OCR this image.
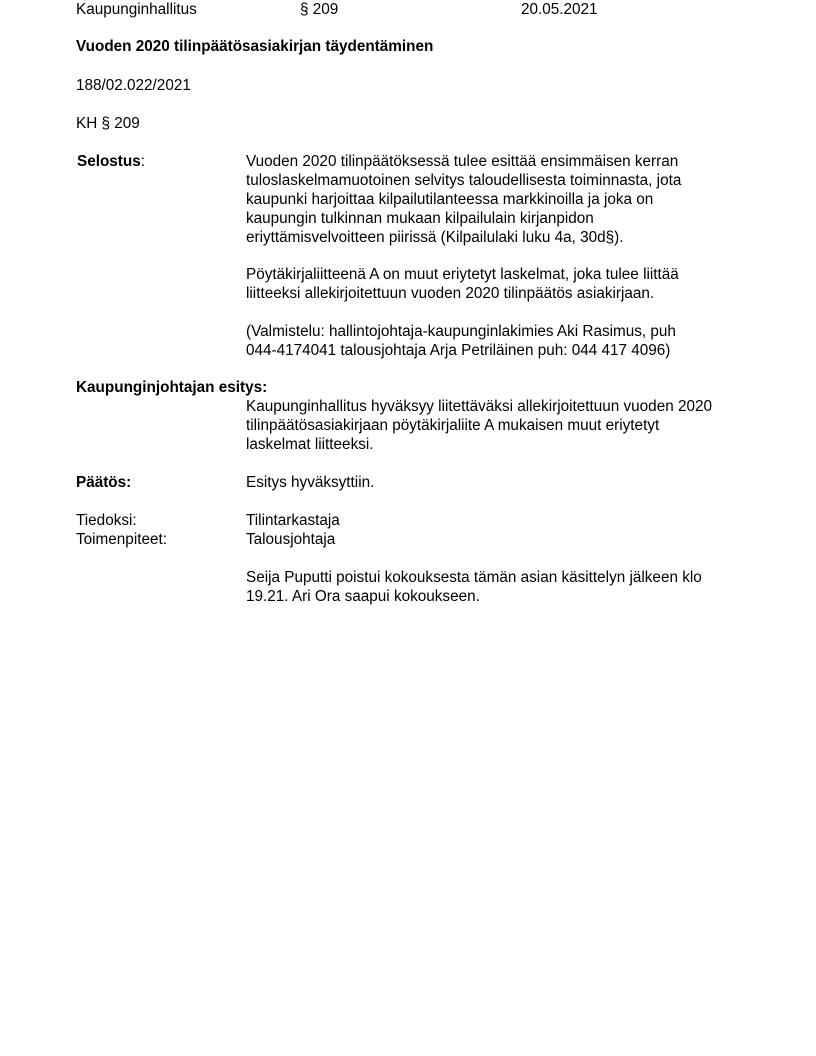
Kaupunginhallitus	§ 209	20.05.2021
Vuoden 2020 tilinpäätösasiakirjan täydentäminen
188/02.022/2021
KH § 209
Selostus:	Vuoden 2020 tilinpäätöksessä tulee esittää ensimmäisen kerran
tuloslaskelmamuotoinen selvitys taloudellisesta toiminnasta, jota
kaupunki harjoittaa kilpailutilanteessa markkinoilla ja joka on
kaupungin tulkinnan mukaan kilpailulain kirjanpidon
eriyttämisvelvoitteen piirissä (Kilpailulaki luku 4a, 30d§).
Pöytäkirjaliitteenä A on muut eriytetyt laskelmat, joka tulee liittää
liitteeksi allekirjoitettuun vuoden 2020 tilinpäätös asiakirjaan.
(Valmistelu: hallintojohtaja-kaupunginlakimies Aki Rasimus, puh
044-4174041 talousjohtaja Arja Petriläinen puh: 044 417 4096)
Kaupunginjohtajan esitys:
Kaupunginhallitus hyväksyy liitettäväksi allekirjoitettuun vuoden 2020
tilinpäätösasiakirjaan pöytäkirjaliite A mukaisen muut eriytetyt
laskelmat liitteeksi.
Päätös:	Esitys hyväksyttiin.
Tiedoksi:	Tilintarkastaja
Toimenpiteet:	Talousjohtaja
Seija Puputti poistui kokouksesta tämän asian käsittelyn jälkeen klo
19.21. Ari Ora saapui kokoukseen.
